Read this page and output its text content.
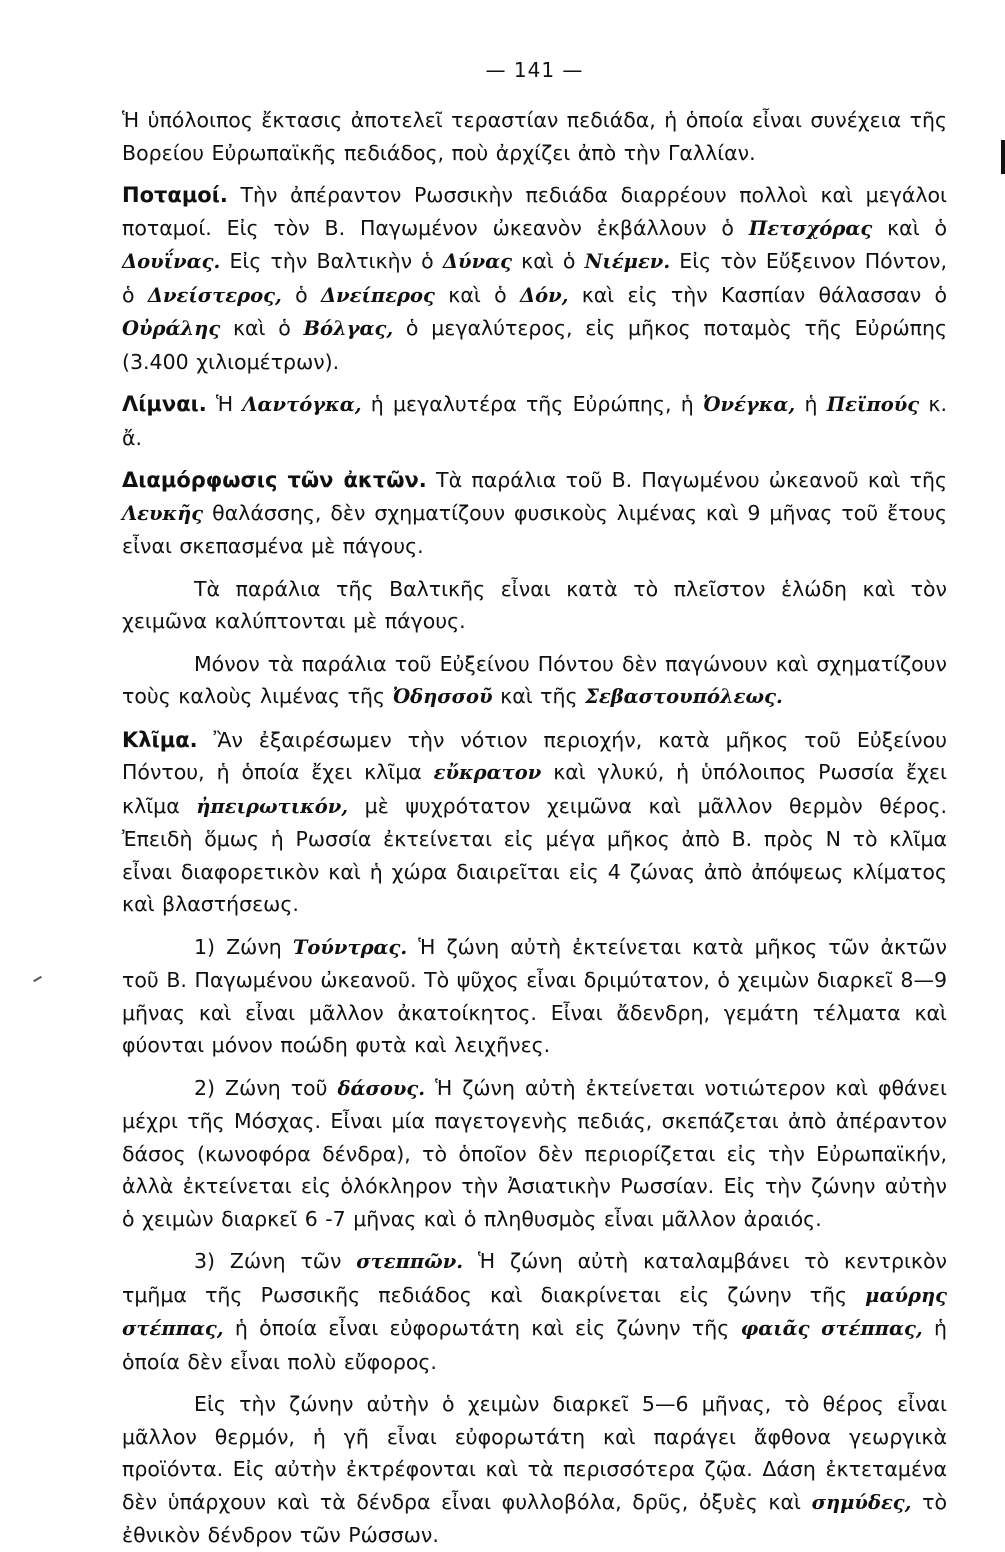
— 141 —

Ἡ ὑπόλοιπος ἔκτασις ἀποτελεῖ τεραστίαν πεδιάδα, ἡ ὁποία εἶναι συνέχεια τῆς Βορείου Εὐρωπαϊκῆς πεδιάδος, ποὺ ἀρχίζει ἀπὸ τὴν Γαλλίαν.

Ποταμοί. Τὴν ἀπέραντον Ρωσσικὴν πεδιάδα διαρρέουν πολλοὶ καὶ μεγάλοι ποταμοί. Εἰς τὸν Β. Παγωμένον ὠκεανὸν ἐκβάλλουν ὁ Πετσχόρας καὶ ὁ Δουΐνας. Εἰς τὴν Βαλτικὴν ὁ Δύνας καὶ ὁ Νιέμεν. Εἰς τὸν Εὔξεινον Πόντον, ὁ Δνείστερος, ὁ Δνείπερος καὶ ὁ Δόν, καὶ εἰς τὴν Κασπίαν θάλασσαν ὁ Οὐράλης καὶ ὁ Βόλγας, ὁ μεγαλύτερος, εἰς μῆκος ποταμὸς τῆς Εὐρώπης (3.400 χιλιομέτρων).

Λίμναι. Ἡ Λαντόγκα, ἡ μεγαλυτέρα τῆς Εὐρώπης, ἡ Ὀνέγκα, ἡ Πεϊπούς κ. ἄ.

Διαμόρφωσις τῶν ἀκτῶν. Τὰ παράλια τοῦ Β. Παγωμένου ὠκεανοῦ καὶ τῆς Λευκῆς θαλάσσης, δὲν σχηματίζουν φυσικοὺς λιμένας καὶ 9 μῆνας τοῦ ἔτους εἶναι σκεπασμένα μὲ πάγους.

Τὰ παράλια τῆς Βαλτικῆς εἶναι κατὰ τὸ πλεῖστον ἑλώδη καὶ τὸν χειμῶνα καλύπτονται μὲ πάγους.

Μόνον τὰ παράλια τοῦ Εὐξείνου Πόντου δὲν παγώνουν καὶ σχηματίζουν τοὺς καλοὺς λιμένας τῆς Ὀδησσοῦ καὶ τῆς Σεβαστουπόλεως.

Κλῖμα. Ἂν ἐξαιρέσωμεν τὴν νότιον περιοχήν, κατὰ μῆκος τοῦ Εὐξείνου Πόντου, ἡ ὁποία ἔχει κλῖμα εὔκρατον καὶ γλυκύ, ἡ ὑπόλοιπος Ρωσσία ἔχει κλῖμα ἠπειρωτικόν, μὲ ψυχρότατον χειμῶνα καὶ μᾶλλον θερμὸν θέρος. Ἐπειδὴ ὅμως ἡ Ρωσσία ἐκτείνεται εἰς μέγα μῆκος ἀπὸ Β. πρὸς Ν τὸ κλῖμα εἶναι διαφορετικὸν καὶ ἡ χώρα διαιρεῖται εἰς 4 ζώνας ἀπὸ ἀπόψεως κλίματος καὶ βλαστήσεως.

1) Ζώνη Τούντρας. Ἡ ζώνη αὐτὴ ἐκτείνεται κατὰ μῆκος τῶν ἀκτῶν τοῦ Β. Παγωμένου ὠκεανοῦ. Τὸ ψῦχος εἶναι δριμύτατον, ὁ χειμὼν διαρκεῖ 8—9 μῆνας καὶ εἶναι μᾶλλον ἀκατοίκητος. Εἶναι ἄδενδρη, γεμάτη τέλματα καὶ φύονται μόνον ποώδη φυτὰ καὶ λειχῆνες.

2) Ζώνη τοῦ δάσους. Ἡ ζώνη αὐτὴ ἐκτείνεται νοτιώτερον καὶ φθάνει μέχρι τῆς Μόσχας. Εἶναι μία παγετογενὴς πεδιάς, σκεπάζεται ἀπὸ ἀπέραντον δάσος (κωνοφόρα δένδρα), τὸ ὁποῖον δὲν περιορίζεται εἰς τὴν Εὐρωπαϊκήν, ἀλλὰ ἐκτείνεται εἰς ὁλόκληρον τὴν Ἀσιατικὴν Ρωσσίαν. Εἰς τὴν ζώνην αὐτὴν ὁ χειμὼν διαρκεῖ 6 -7 μῆνας καὶ ὁ πληθυσμὸς εἶναι μᾶλλον ἀραιός.

3) Ζώνη τῶν στεππῶν. Ἡ ζώνη αὐτὴ καταλαμβάνει τὸ κεντρικὸν τμῆμα τῆς Ρωσσικῆς πεδιάδος καὶ διακρίνεται εἰς ζώνην τῆς μαύρης στέππας, ἡ ὁποία εἶναι εὐφορωτάτη καὶ εἰς ζώνην τῆς φαιᾶς στέππας, ἡ ὁποία δὲν εἶναι πολὺ εὔφορος.

Εἰς τὴν ζώνην αὐτὴν ὁ χειμὼν διαρκεῖ 5—6 μῆνας, τὸ θέρος εἶναι μᾶλλον θερμόν, ἡ γῆ εἶναι εὐφορωτάτη καὶ παράγει ἄφθονα γεωργικὰ προϊόντα. Εἰς αὐτὴν ἐκτρέφονται καὶ τὰ περισσότερα ζῷα. Δάση ἐκτεταμένα δὲν ὑπάρχουν καὶ τὰ δένδρα εἶναι φυλλοβόλα, δρῦς, ὀξυὲς καὶ σημύδες, τὸ ἐθνικὸν δένδρον τῶν Ρώσσων.
